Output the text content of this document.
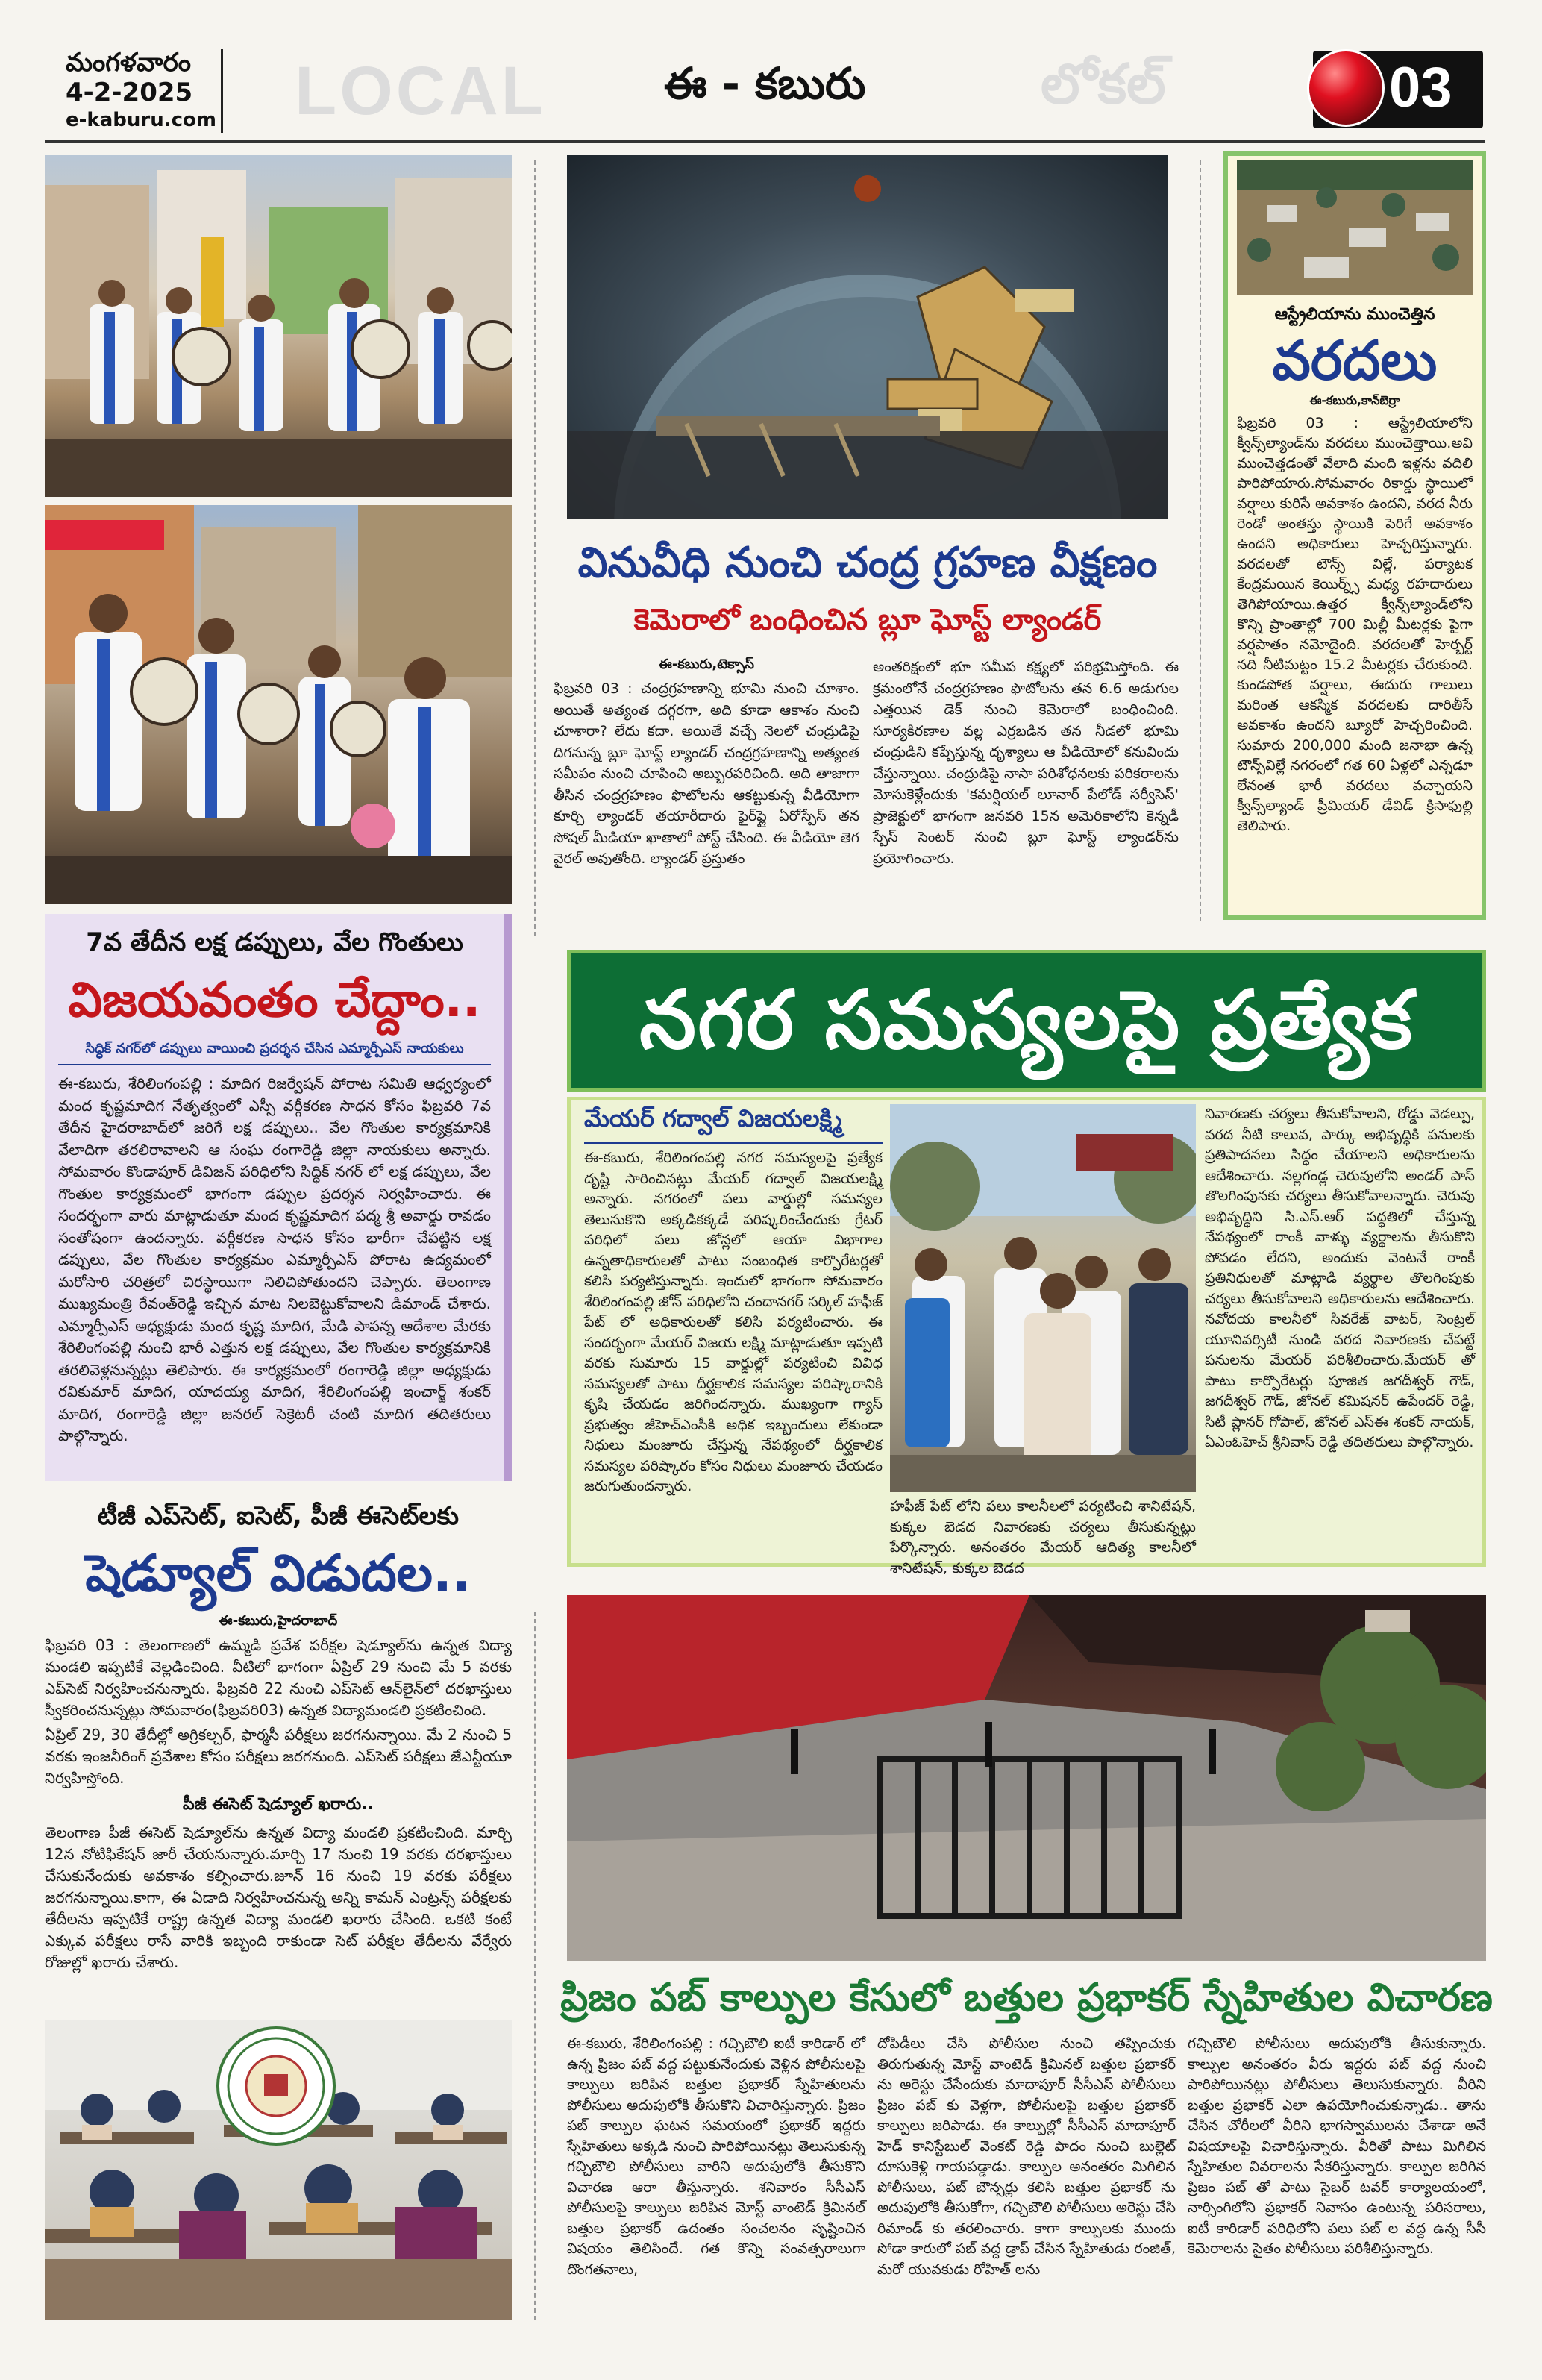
మంగళవారం
4-2-2025
e-kaburu.com LOCAL	ఈ - కబురు	లోకల్	03
7వ తేదీన లక్ష డప్పులు, వేల గొంతులు
విజయవంతం చేద్దాం..
సిద్ధిక్ నగర్‌లో డప్పులు వాయించి ప్రదర్శన చేసిన ఎమ్మార్పీఎస్ నాయకులు
ఈ-కబురు, శేరిలింగంపల్లి : మాదిగ రిజర్వేషన్ పోరాట సమితి ఆధ్వర్యంలో మంద కృష్ణమాదిగ నేతృత్వంలో ఎస్సీ వర్గీకరణ సాధన కోసం ఫిబ్రవరి 7వ తేదీన హైదరాబాద్‌లో జరిగే లక్ష డప్పులు.. వేల గొంతుల కార్యక్రమానికి వేలాదిగా తరలిరావాలని ఆ సంఘ రంగారెడ్డి జిల్లా నాయకులు అన్నారు. సోమవారం కొండాపూర్ డివిజన్ పరిధిలోని సిద్ధిక్ నగర్ లో లక్ష డప్పులు, వేల గొంతుల కార్యక్రమంలో భాగంగా డప్పుల ప్రదర్శన నిర్వహించారు. ఈ సందర్భంగా వారు మాట్లాడుతూ మంద కృష్ణమాదిగ పద్మ శ్రీ అవార్డు రావడం సంతోషంగా ఉందన్నారు. వర్గీకరణ సాధన కోసం భారీగా చేపట్టిన లక్ష డప్పులు, వేల గొంతుల కార్యక్రమం ఎమ్మార్పీఎస్ పోరాట ఉద్యమంలో మరోసారి చరిత్రలో చిరస్థాయిగా నిలిచిపోతుందని చెప్పారు. తెలంగాణ ముఖ్యమంత్రి రేవంత్‌రెడ్డి ఇచ్చిన మాట నిలబెట్టుకోవాలని డిమాండ్ చేశారు. ఎమ్మార్పీఎస్ అధ్యక్షుడు మంద కృష్ణ మాదిగ, మేడి పాపన్న ఆదేశాల మేరకు శేరిలింగంపల్లి నుంచి భారీ ఎత్తున లక్ష డప్పులు, వేల గొంతుల కార్యక్రమానికి తరలివెళ్లనున్నట్లు తెలిపారు. ఈ కార్యక్రమంలో రంగారెడ్డి జిల్లా అధ్యక్షుడు రవికుమార్ మాదిగ, యాదయ్య మాదిగ, శేరిలింగంపల్లి ఇంచార్జ్ శంకర్ మాదిగ, రంగారెడ్డి జిల్లా జనరల్ సెక్రెటరీ చంటి మాదిగ తదితరులు పాల్గొన్నారు.
టీజీ ఎప్‌సెట్, ఐసెట్, పీజీ ఈసెట్‌లకు
షెడ్యూల్ విడుదల..
ఈ-కబురు,హైదరాబాద్
ఫిబ్రవరి 03 : తెలంగాణలో ఉమ్మడి ప్రవేశ పరీక్షల షెడ్యూల్‌ను ఉన్నత విద్యా మండలి ఇప్పటికే వెల్లడించింది. వీటిలో భాగంగా ఏప్రిల్ 29 నుంచి మే 5 వరకు ఎప్‌సెట్ నిర్వహించనున్నారు. ఫిబ్రవరి 22 నుంచి ఎప్‌సెట్ ఆన్‌లైన్‌లో దరఖాస్తులు స్వీకరించనున్నట్లు సోమవారం(ఫిబ్రవరి03) ఉన్నత విద్యామండలి ప్రకటించింది.
ఏప్రిల్ 29, 30 తేదీల్లో అగ్రికల్చర్, ఫార్మసీ పరీక్షలు జరగనున్నాయి. మే 2 నుంచి 5 వరకు ఇంజనీరింగ్ ప్రవేశాల కోసం పరీక్షలు జరగనుంది. ఎప్‌సెట్ పరీక్షలు జేఎన్టీయూ నిర్వహిస్తోంది.
పీజీ ఈసెట్ షెడ్యూల్ ఖరారు..
తెలంగాణ పీజీ ఈసెట్ షెడ్యూల్‌ను ఉన్నత విద్యా మండలి ప్రకటించింది. మార్చి 12న నోటిఫికేషన్ జారీ చేయనున్నారు.మార్చి 17 నుంచి 19 వరకు దరఖాస్తులు చేసుకునేందుకు అవకాశం కల్పించారు.జూన్ 16 నుంచి 19 వరకు పరీక్షలు జరగనున్నాయి.కాగా, ఈ ఏడాది నిర్వహించనున్న అన్ని కామన్ ఎంట్రన్స్ పరీక్షలకు తేదీలను ఇప్పటికే రాష్ట్ర ఉన్నత విద్యా మండలి ఖరారు చేసింది. ఒకటి కంటే ఎక్కువ పరీక్షలు రాసే వారికి ఇబ్బంది రాకుండా సెట్ పరీక్షల తేదీలను వేర్వేరు రోజుల్లో ఖరారు చేశారు.
వినువీధి నుంచి చంద్ర గ్రహణ వీక్షణం
కెమెరాలో బంధించిన బ్లూ ఘోస్ట్ ల్యాండర్
ఈ-కబురు,టెక్సాస్
ఫిబ్రవరి 03 : చంద్రగ్రహణాన్ని భూమి నుంచి చూశాం. అయితే అత్యంత దగ్గరగా, అది కూడా ఆకాశం నుంచి చూశారా? లేదు కదా. అయితే వచ్చే నెలలో చంద్రుడిపై దిగనున్న బ్లూ ఘోస్ట్ ల్యాండర్ చంద్రగ్రహణాన్ని అత్యంత సమీపం నుంచి చూపించి అబ్బురపరిచింది. అది తాజాగా తీసిన చంద్రగ్రహణం ఫొటోలను ఆకట్టుకున్న వీడియోగా కూర్చి ల్యాండర్ తయారీదారు ఫైర్‌ఫ్లై ఏరోస్పేస్ తన సోషల్ మీడియా ఖాతాలో పోస్ట్ చేసింది. ఈ వీడియో తెగ వైరల్‌ అవుతోంది. ల్యాండర్ ప్రస్తుతం
అంతరిక్షంలో భూ సమీప కక్ష్యలో పరిభ్రమిస్తోంది. ఈ క్రమంలోనే చంద్రగ్రహణం ఫొటోలను తన 6.6 అడుగుల ఎత్తయిన డెక్ నుంచి కెమెరాలో బంధించింది. సూర్యకిరణాల వల్ల ఎర్రబడిన తన నీడలో భూమి చంద్రుడిని కప్పేస్తున్న దృశ్యాలు ఆ వీడియోలో కనువిందు చేస్తున్నాయి. చంద్రుడిపై నాసా పరిశోధనలకు పరికరాలను మోసుకెళ్లేందుకు 'కమర్షియల్ లూనార్ పేలోడ్ సర్వీసెస్' ప్రాజెక్టులో భాగంగా జనవరి 15న అమెరికాలోని కెన్నడీ స్పేస్ సెంటర్ నుంచి బ్లూ ఘోస్ట్ ల్యాండర్‌ను ప్రయోగించారు.
ఆస్ట్రేలియాను ముంచెత్తిన
వరదలు
ఈ-కబురు,కాన్‌బెర్రా
ఫిబ్రవరి 03 : ఆస్ట్రేలియాలోని క్వీన్స్‌ల్యాండ్‌ను వరదలు ముంచెత్తాయి.అవి ముంచెత్తడంతో వేలాది మంది ఇళ్లను వదిలి పారిపోయారు.సోమవారం రికార్డు స్థాయిలో వర్షాలు కురిసే అవకాశం ఉందని, వరద నీరు రెండో అంతస్తు స్థాయికి పెరిగే అవకాశం ఉందని అధికారులు హెచ్చరిస్తున్నారు. వరదలతో టౌన్స్ విల్లే, పర్యాటక కేంద్రమయిన కెయిర్న్స్ మధ్య రహదారులు తెగిపోయాయి.ఉత్తర క్వీన్స్‌ల్యాండ్‌లోని కొన్ని ప్రాంతాల్లో 700 మిల్లీ మీటర్లకు పైగా వర్షపాతం నమోదైంది. వరదలతో హెర్బర్ట్ నది నీటిమట్టం 15.2 మీటర్లకు చేరుకుంది. కుండపోత వర్షాలు, ఈదురు గాలులు మరింత ఆకస్మిక వరదలకు దారితీసే అవకాశం ఉందని బ్యూరో హెచ్చరించింది. సుమారు 200,000 మంది జనాభా ఉన్న టౌన్స్‌విల్లే నగరంలో గత 60 ఏళ్లలో ఎన్నడూ లేనంత భారీ వరదలు వచ్చాయని క్వీన్స్‌ల్యాండ్ ప్రీమియర్ డేవిడ్ క్రిసాఫుల్లి తెలిపారు.
నగర సమస్యలపై ప్రత్యేక
మేయర్ గద్వాల్ విజయలక్ష్మి
ఈ-కబురు, శేరిలింగంపల్లి నగర సమస్యలపై ప్రత్యేక దృష్టి సారించినట్లు మేయర్ గద్వాల్ విజయలక్ష్మి అన్నారు. నగరంలో పలు వార్డుల్లో సమస్యల తెలుసుకొని అక్కడికక్కడే పరిష్కరించేందుకు గ్రేటర్ పరిధిలో పలు జోన్లలో ఆయా విభాగాల ఉన్నతాధికారులతో పాటు సంబంధిత కార్పొరేటర్లతో కలిసి పర్యటిస్తున్నారు. ఇందులో భాగంగా సోమవారం శేరిలింగంపల్లి జోన్ పరిధిలోని చందానగర్ సర్కిల్ హఫీజ్ పేట్ లో అధికారులతో కలిసి పర్యటించారు. ఈ సందర్భంగా మేయర్ విజయ లక్ష్మి మాట్లాడుతూ ఇప్పటి వరకు సుమారు 15 వార్డుల్లో పర్యటించి వివిధ సమస్యలతో పాటు దీర్ఘకాలిక సమస్యల పరిష్కారానికి కృషి చేయడం జరిగిందన్నారు. ముఖ్యంగా గ్యాస్ ప్రభుత్వం జీహెచ్ఎంసీకి అధిక ఇబ్బందులు లేకుండా నిధులు మంజూరు చేస్తున్న నేపథ్యంలో దీర్ఘకాలిక సమస్యల పరిష్కారం కోసం నిధులు మంజూరు చేయడం జరుగుతుందన్నారు.
హఫీజ్ పేట్ లోని పలు కాలనీలలో పర్యటించి శానిటేషన్, కుక్కల బెడద నివారణకు చర్యలు తీసుకున్నట్లు పేర్కొన్నారు. అనంతరం మేయర్ ఆదిత్య కాలనీలో శానిటేషన్, కుక్కల బెడద
నివారణకు చర్యలు తీసుకోవాలని, రోడ్డు వెడల్పు, వరద నీటి కాలువ, పార్కు అభివృద్ధికి పనులకు ప్రతిపాదనలు సిద్ధం చేయాలని అధికారులను ఆదేశించారు. నల్లగండ్ల చెరువులోని అండర్ పాస్ తొలగింపునకు చర్యలు తీసుకోవాలన్నారు. చెరువు అభివృద్ధిని సి.ఎస్.ఆర్ పద్ధతిలో చేస్తున్న నేపథ్యంలో రాంకీ వాళ్ళు వ్యర్థాలను తీసుకొని పోవడం లేదని, అందుకు వెంటనే రాంకీ ప్రతినిధులతో మాట్లాడి వ్యర్థాల తొలగింపుకు చర్యలు తీసుకోవాలని అధికారులను ఆదేశించారు. నవోదయ కాలనీలో సివరేజ్ వాటర్, సెంట్రల్ యూనివర్సిటీ నుండి వరద నివారణకు చేపట్టే పనులను మేయర్ పరిశీలించారు.మేయర్ తో పాటు కార్పొరేటర్లు పూజిత జగదీశ్వర్ గౌడ్, జగదీశ్వర్ గౌడ్, జోనల్ కమిషనర్ ఉపేందర్ రెడ్డి, సిటీ ప్లానర్ గోపాల్, జోనల్ ఎస్ఈ శంకర్ నాయక్, ఏఎంఓహెచ్ శ్రీనివాస్ రెడ్డి తదితరులు పాల్గొన్నారు.
ప్రిజం పబ్ కాల్పుల కేసులో బత్తుల ప్రభాకర్ స్నేహితుల విచారణ
ఈ-కబురు, శేరిలింగంపల్లి : గచ్చిబౌలి ఐటీ కారిడార్ లో ఉన్న ప్రిజం పబ్ వద్ద పట్టుకునేందుకు వెళ్లిన పోలీసులపై కాల్పులు జరిపిన బత్తుల ప్రభాకర్ స్నేహితులను పోలీసులు అదుపులోకి తీసుకొని విచారిస్తున్నారు. ప్రిజం పబ్ కాల్పుల ఘటన సమయంలో ప్రభాకర్ ఇద్దరు స్నేహితులు అక్కడి నుంచి పారిపోయినట్లు తెలుసుకున్న గచ్చిబౌలి పోలీసులు వారిని అదుపులోకి తీసుకొని విచారణ ఆరా తీస్తున్నారు. శనివారం సీసీఎస్ పోలీసులపై కాల్పులు జరిపిన మోస్ట్ వాంటెడ్ క్రిమినల్ బత్తుల ప్రభాకర్ ఉదంతం సంచలనం సృష్టించిన విషయం తెలిసిందే. గత కొన్ని సంవత్సరాలుగా దొంగతనాలు,
దోపిడీలు చేసి పోలీసుల నుంచి తప్పించుకు తిరుగుతున్న మోస్ట్ వాంటెడ్ క్రిమినల్ బత్తుల ప్రభాకర్ ను అరెస్టు చేసేందుకు మాదాపూర్ సీసీఎస్ పోలీసులు ప్రిజం పబ్ కు వెళ్లగా, పోలీసులపై బత్తుల ప్రభాకర్ కాల్పులు జరిపాడు. ఈ కాల్పుల్లో సీసీఎస్ మాదాపూర్ హెడ్ కానిస్టేబుల్ వెంకట్ రెడ్డి పాదం నుంచి బుల్లెట్ దూసుకెళ్లి గాయపడ్డాడు. కాల్పుల అనంతరం మిగిలిన పోలీసులు, పబ్ బౌన్సర్లు కలిసి బత్తుల ప్రభాకర్ ను అదుపులోకి తీసుకోగా, గచ్చిబౌలి పోలీసులు అరెస్టు చేసి రిమాండ్ కు తరలించారు. కాగా కాల్పులకు ముందు సోడా కారులో పబ్ వద్ద డ్రాప్ చేసిన స్నేహితుడు రంజిత్, మరో యువకుడు రోహిత్ లను
గచ్చిబౌలి పోలీసులు అదుపులోకి తీసుకున్నారు. కాల్పుల అనంతరం వీరు ఇద్దరు పబ్ వద్ద నుంచి పారిపోయినట్లు పోలీసులు తెలుసుకున్నారు. వీరిని బత్తుల ప్రభాకర్ ఎలా ఉపయోగించుకున్నాడు.. తాను చేసిన చోరీలలో వీరిని భాగస్వాములను చేశాడా అనే విషయాలపై విచారిస్తున్నారు. వీరితో పాటు మిగిలిన స్నేహితుల వివరాలను సేకరిస్తున్నారు. కాల్పుల జరిగిన ప్రిజం పబ్ తో పాటు సైబర్ టవర్ కార్యాలయంలో, నార్సింగిలోని ప్రభాకర్ నివాసం ఉంటున్న పరిసరాలు, ఐటీ కారిడార్ పరిధిలోని పలు పబ్ ల వద్ద ఉన్న సీసీ కెమెరాలను సైతం పోలీసులు పరిశీలిస్తున్నారు.
